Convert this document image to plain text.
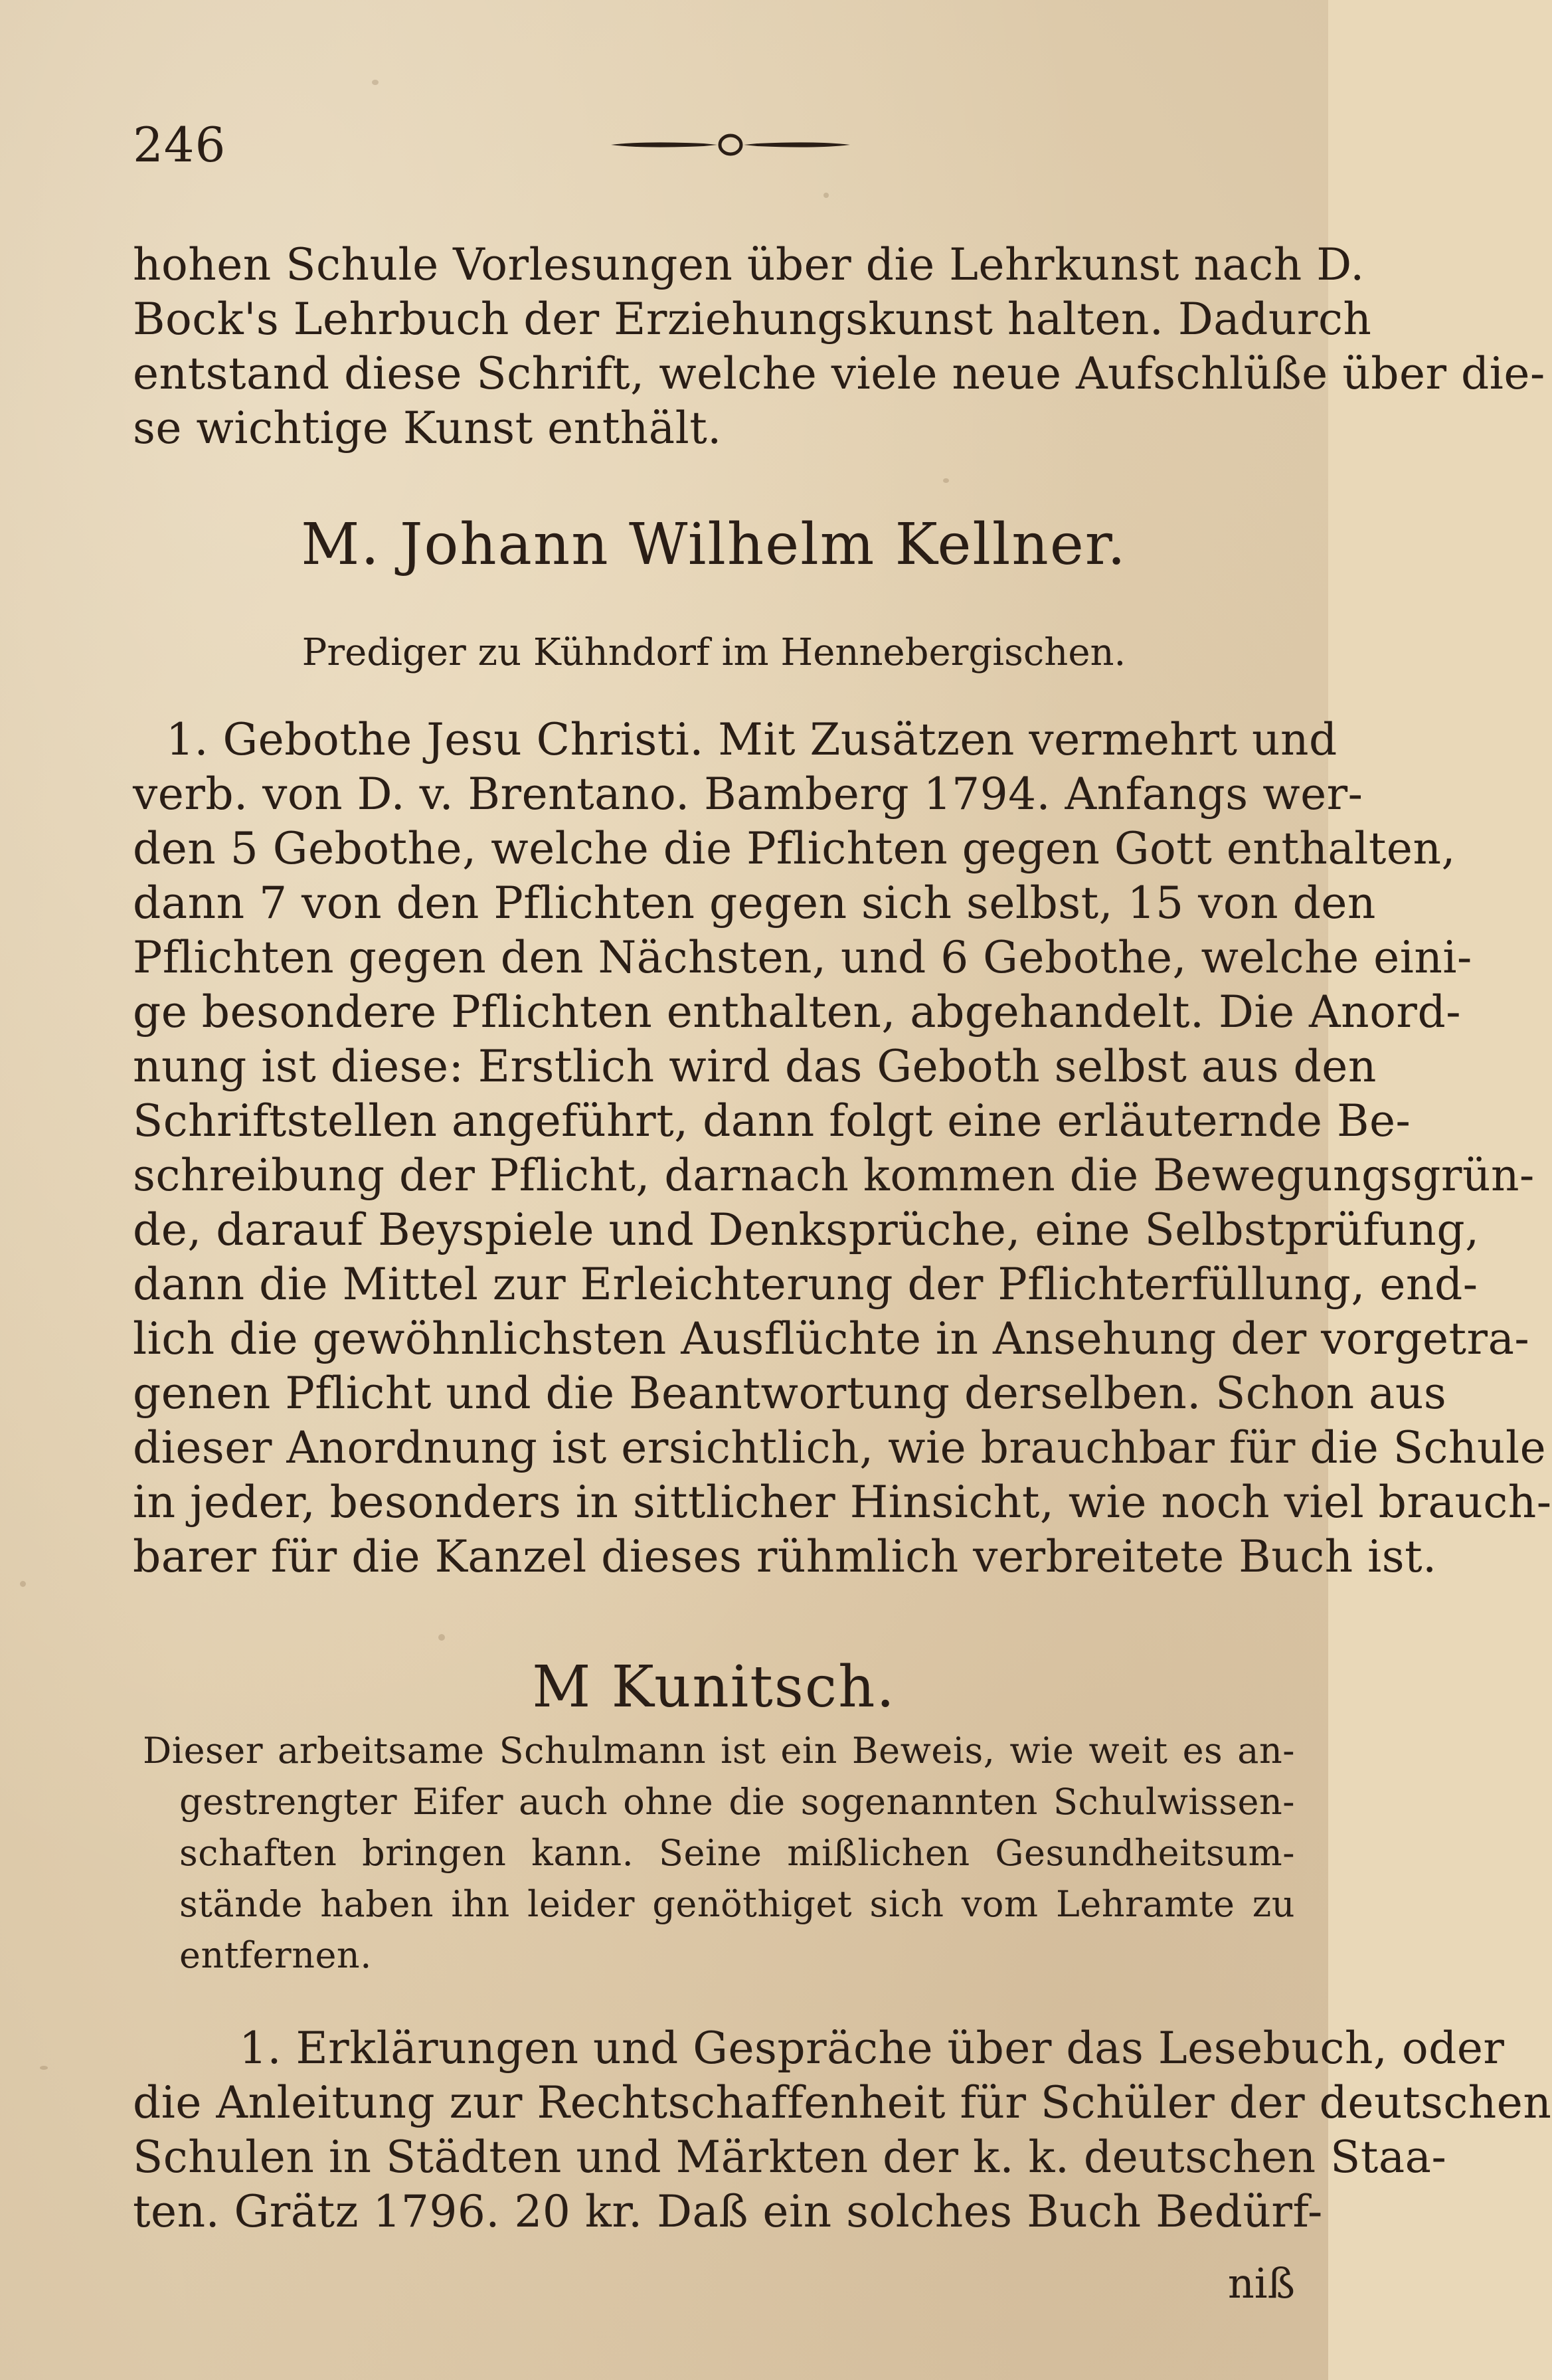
246
hohen Schule Vorlesungen über die Lehrkunst nach D.
Bock's Lehrbuch der Erziehungskunst halten. Dadurch
entstand diese Schrift, welche viele neue Aufschlüße über die-
se wichtige Kunst enthält.
M. Johann Wilhelm Kellner.
Prediger zu Kühndorf im Hennebergischen.
1. Gebothe Jesu Christi. Mit Zusätzen vermehrt und
verb. von D. v. Brentano. Bamberg 1794. Anfangs wer-
den 5 Gebothe, welche die Pflichten gegen Gott enthalten,
dann 7 von den Pflichten gegen sich selbst, 15 von den
Pflichten gegen den Nächsten, und 6 Gebothe, welche eini-
ge besondere Pflichten enthalten, abgehandelt. Die Anord-
nung ist diese: Erstlich wird das Geboth selbst aus den
Schriftstellen angeführt, dann folgt eine erläuternde Be-
schreibung der Pflicht, darnach kommen die Bewegungsgrün-
de, darauf Beyspiele und Denksprüche, eine Selbstprüfung,
dann die Mittel zur Erleichterung der Pflichterfüllung, end-
lich die gewöhnlichsten Ausflüchte in Ansehung der vorgetra-
genen Pflicht und die Beantwortung derselben. Schon aus
dieser Anordnung ist ersichtlich, wie brauchbar für die Schule
in jeder, besonders in sittlicher Hinsicht, wie noch viel brauch-
barer für die Kanzel dieses rühmlich verbreitete Buch ist.
M Kunitsch.
Dieser arbeitsame Schulmann ist ein Beweis, wie weit es an-
gestrengter Eifer auch ohne die sogenannten Schulwissen-
schaften bringen kann. Seine mißlichen Gesundheitsum-
stände haben ihn leider genöthiget sich vom Lehramte zu
entfernen.
1. Erklärungen und Gespräche über das Lesebuch, oder
die Anleitung zur Rechtschaffenheit für Schüler der deutschen
Schulen in Städten und Märkten der k. k. deutschen Staa-
ten. Grätz 1796. 20 kr. Daß ein solches Buch Bedürf-
niß
